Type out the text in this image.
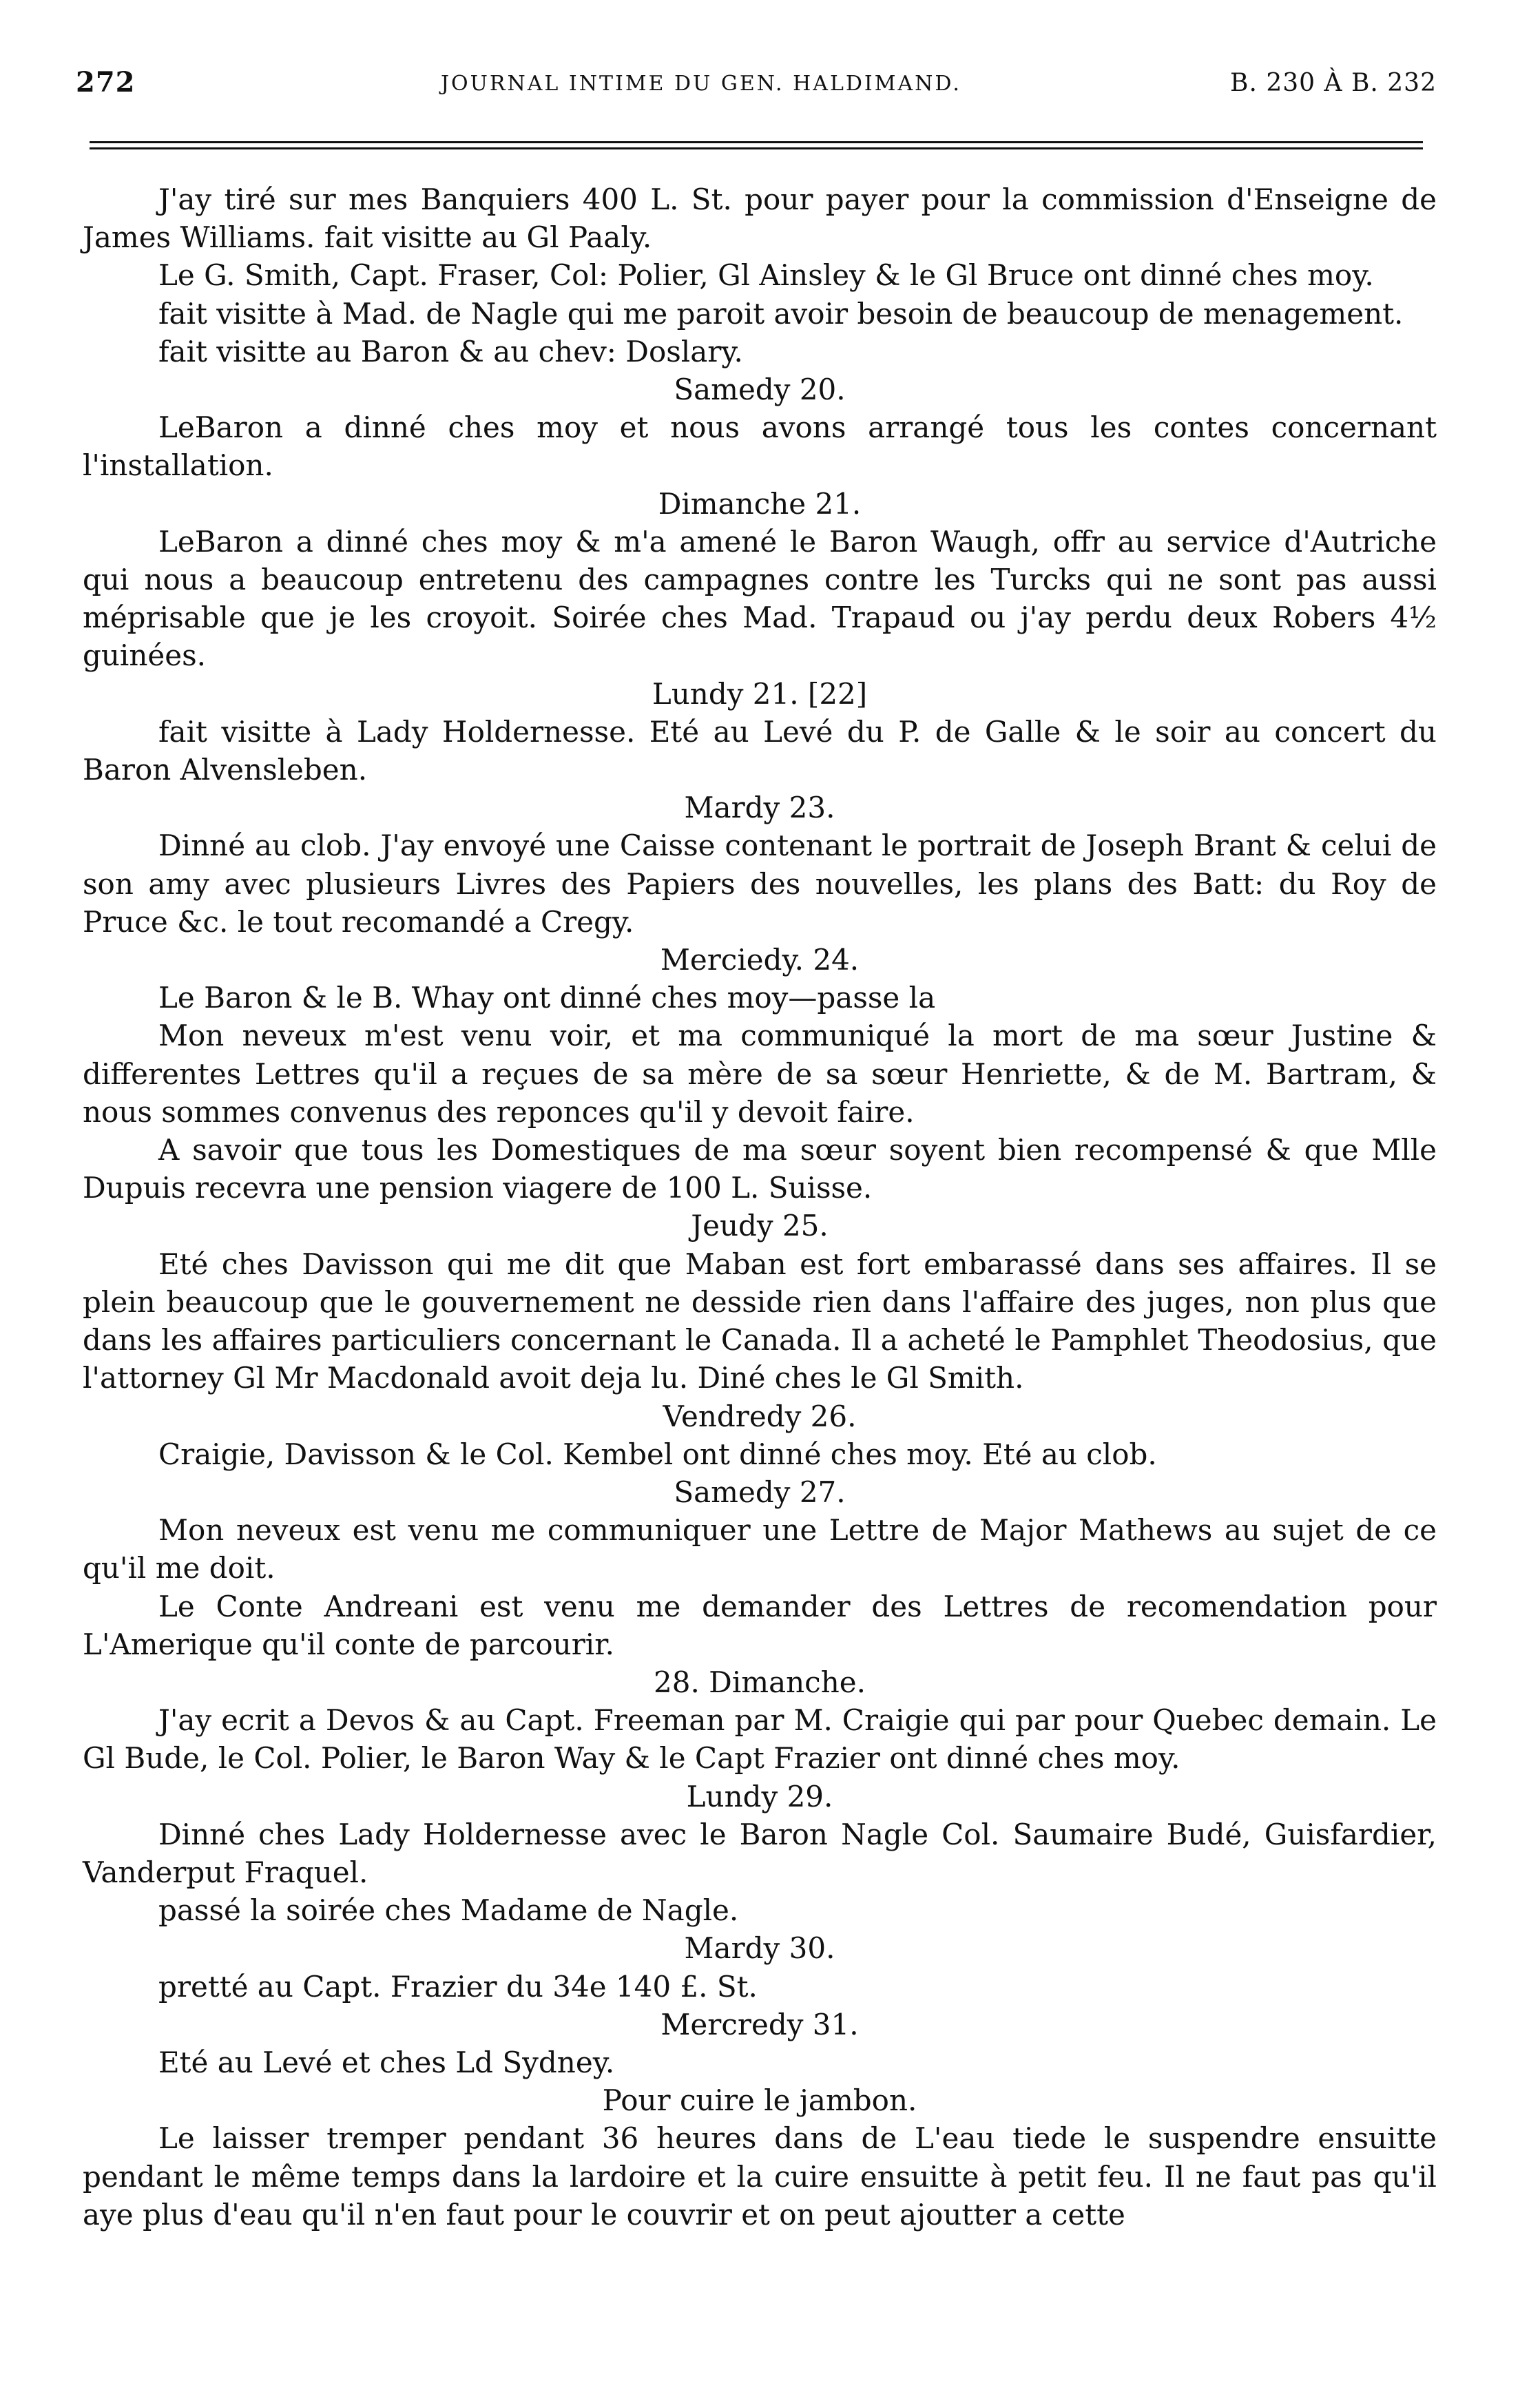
272	JOURNAL INTIME DU GEN. HALDIMAND.	B. 230 À B. 232

J'ay tiré sur mes Banquiers 400 L. St. pour payer pour la commission d'Enseigne de James Williams. fait visitte au Gl Paaly.

Le G. Smith, Capt. Fraser, Col: Polier, Gl Ainsley & le Gl Bruce ont dinné ches moy.

fait visitte à Mad. de Nagle qui me paroit avoir besoin de beaucoup de menagement.

fait visitte au Baron & au chev: Doslary.

Samedy 20.

LeBaron a dinné ches moy et nous avons arrangé tous les contes concernant l'installation.

Dimanche 21.

LeBaron a dinné ches moy & m'a amené le Baron Waugh, offr au service d'Autriche qui nous a beaucoup entretenu des campagnes contre les Turcks qui ne sont pas aussi méprisable que je les croyoit. Soirée ches Mad. Trapaud ou j'ay perdu deux Robers 4½ guinées.

Lundy 21. [22]

fait visitte à Lady Holdernesse. Eté au Levé du P. de Galle & le soir au concert du Baron Alvensleben.

Mardy 23.

Dinné au clob. J'ay envoyé une Caisse contenant le portrait de Joseph Brant & celui de son amy avec plusieurs Livres des Papiers des nouvelles, les plans des Batt: du Roy de Pruce &c. le tout recomandé a Cregy.

Merciedy. 24.

Le Baron & le B. Whay ont dinné ches moy—passe la

Mon neveux m'est venu voir, et ma communiqué la mort de ma sœur Justine & differentes Lettres qu'il a reçues de sa mère de sa sœur Henriette, & de M. Bartram, & nous sommes convenus des reponces qu'il y devoit faire.

A savoir que tous les Domestiques de ma sœur soyent bien recompensé & que Mlle Dupuis recevra une pension viagere de 100 L. Suisse.

Jeudy 25.

Eté ches Davisson qui me dit que Maban est fort embarassé dans ses affaires. Il se plein beaucoup que le gouvernement ne desside rien dans l'affaire des juges, non plus que dans les affaires particuliers concernant le Canada. Il a acheté le Pamphlet Theodosius, que l'attorney Gl Mr Macdonald avoit deja lu. Diné ches le Gl Smith.

Vendredy 26.

Craigie, Davisson & le Col. Kembel ont dinné ches moy. Eté au clob.

Samedy 27.

Mon neveux est venu me communiquer une Lettre de Major Mathews au sujet de ce qu'il me doit.

Le Conte Andreani est venu me demander des Lettres de recomendation pour L'Amerique qu'il conte de parcourir.

28. Dimanche.

J'ay ecrit a Devos & au Capt. Freeman par M. Craigie qui par pour Quebec demain. Le Gl Bude, le Col. Polier, le Baron Way & le Capt Frazier ont dinné ches moy.

Lundy 29.

Dinné ches Lady Holdernesse avec le Baron Nagle Col. Saumaire Budé, Guisfardier, Vanderput Fraquel.

passé la soirée ches Madame de Nagle.

Mardy 30.

pretté au Capt. Frazier du 34e 140 £. St.

Mercredy 31.

Eté au Levé et ches Ld Sydney.

Pour cuire le jambon.

Le laisser tremper pendant 36 heures dans de L'eau tiede le suspendre ensuitte pendant le même temps dans la lardoire et la cuire ensuitte à petit feu. Il ne faut pas qu'il aye plus d'eau qu'il n'en faut pour le couvrir et on peut ajoutter a cette
